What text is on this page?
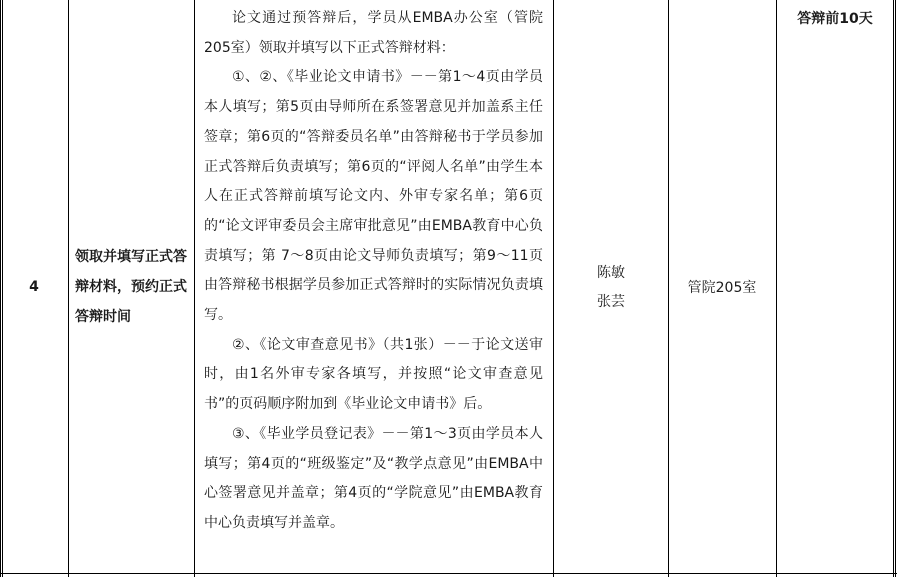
4
领取并填写正式答辩材料，预约正式答辩时间

论文通过预答辩后，学员从EMBA办公室（管院205室）领取并填写以下正式答辩材料：

①、②、《毕业论文申请书》－－第1～4页由学员本人填写；第5页由导师所在系签署意见并加盖系主任签章；第6页的“答辩委员名单”由答辩秘书于学员参加正式答辩后负责填写；第6页的“评阅人名单”由学生本人在正式答辩前填写论文内、外审专家名单；第6页的“论文评审委员会主席审批意见”由EMBA教育中心负责填写；第 7～8页由论文导师负责填写；第9～11页由答辩秘书根据学员参加正式答辩时的实际情况负责填写。

②、《论文审查意见书》（共1张）－－于论文送审时，由1名外审专家各填写，并按照“论文审查意见书”的页码顺序附加到《毕业论文申请书》后。

③、《毕业学员登记表》－－第1～3页由学员本人填写；第4页的“班级鉴定”及“教学点意见”由EMBA中心签署意见并盖章；第4页的“学院意见”由EMBA教育中心负责填写并盖章。

陈敏
张芸
管院205室
答辩前10天
